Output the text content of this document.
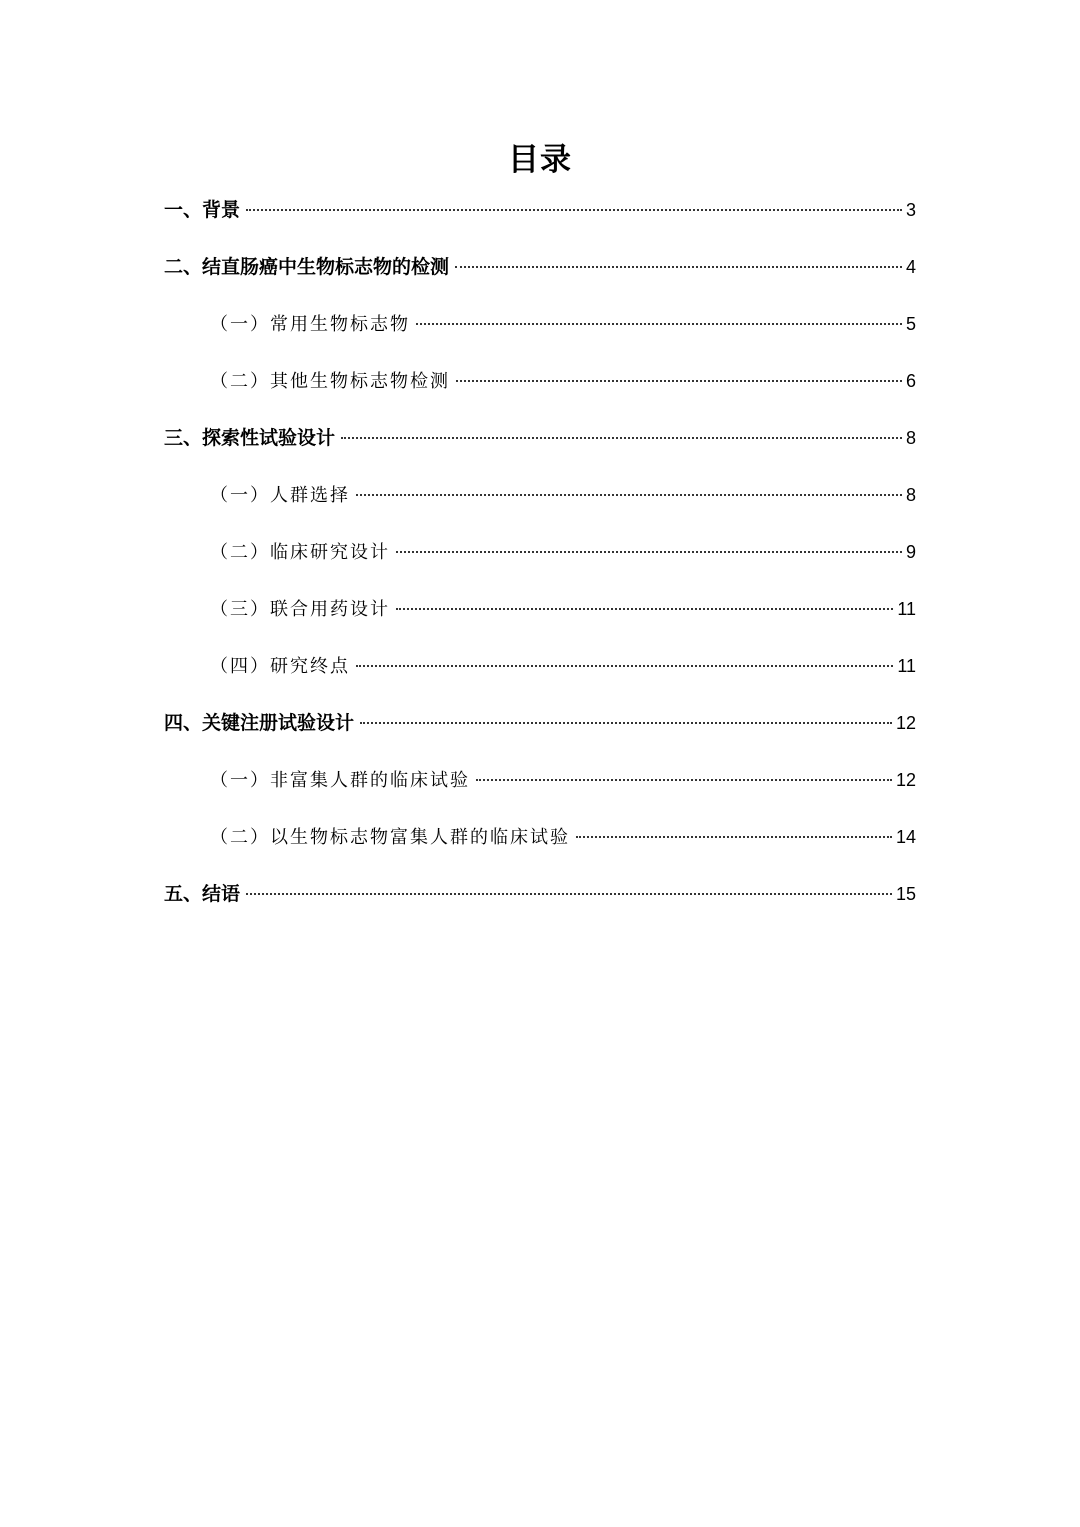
目录
一、背景	3
二、结直肠癌中生物标志物的检测	4
（一）常用生物标志物	5
（二）其他生物标志物检测	6
三、探索性试验设计	8
（一）人群选择	8
（二）临床研究设计	9
（三）联合用药设计	11
（四）研究终点	11
四、关键注册试验设计	12
（一）非富集人群的临床试验	12
（二）以生物标志物富集人群的临床试验	14
五、结语	15
